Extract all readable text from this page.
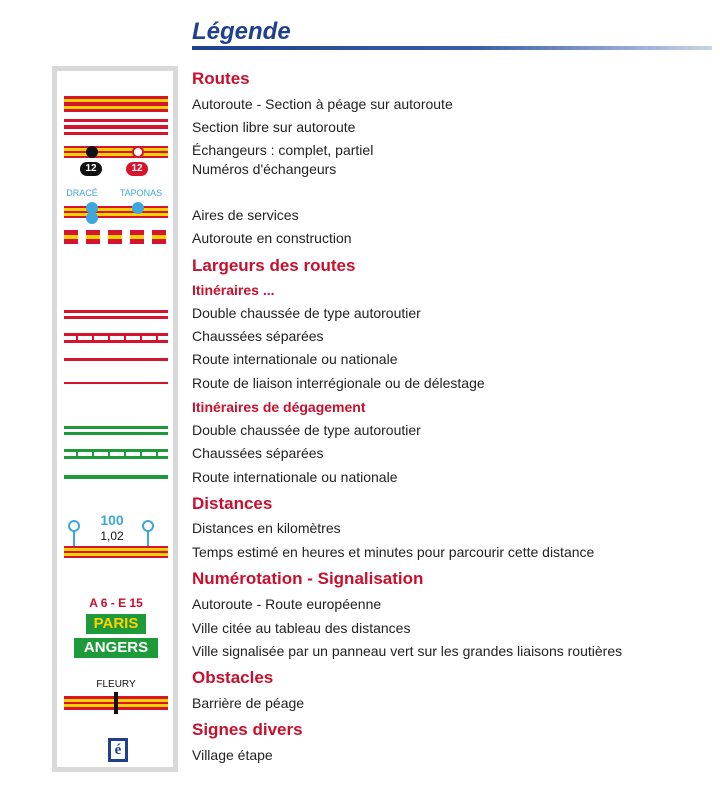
Légende
Routes
Autoroute - Section à péage sur autoroute
Section libre sur autoroute
Échangeurs : complet, partiel
Numéros d'échangeurs
Aires de services
Autoroute en construction
12	12
DRACÉ	TAPONAS
Largeurs des routes
Itinéraires ...
Double chaussée de type autoroutier
Chaussées séparées
Route internationale ou nationale
Route de liaison interrégionale ou de délestage
Itinéraires de dégagement
Double chaussée de type autoroutier
Chaussées séparées
Route internationale ou nationale
Distances
Distances en kilomètres
Temps estimé en heures et minutes pour parcourir cette distance
100
1,02
Numérotation - Signalisation
Autoroute - Route européenne
Ville citée au tableau des distances
Ville signalisée par un panneau vert sur les grandes liaisons routières
A 6 - E 15
PARIS
ANGERS
Obstacles
Barrière de péage
FLEURY
Signes divers
Village étape
é
